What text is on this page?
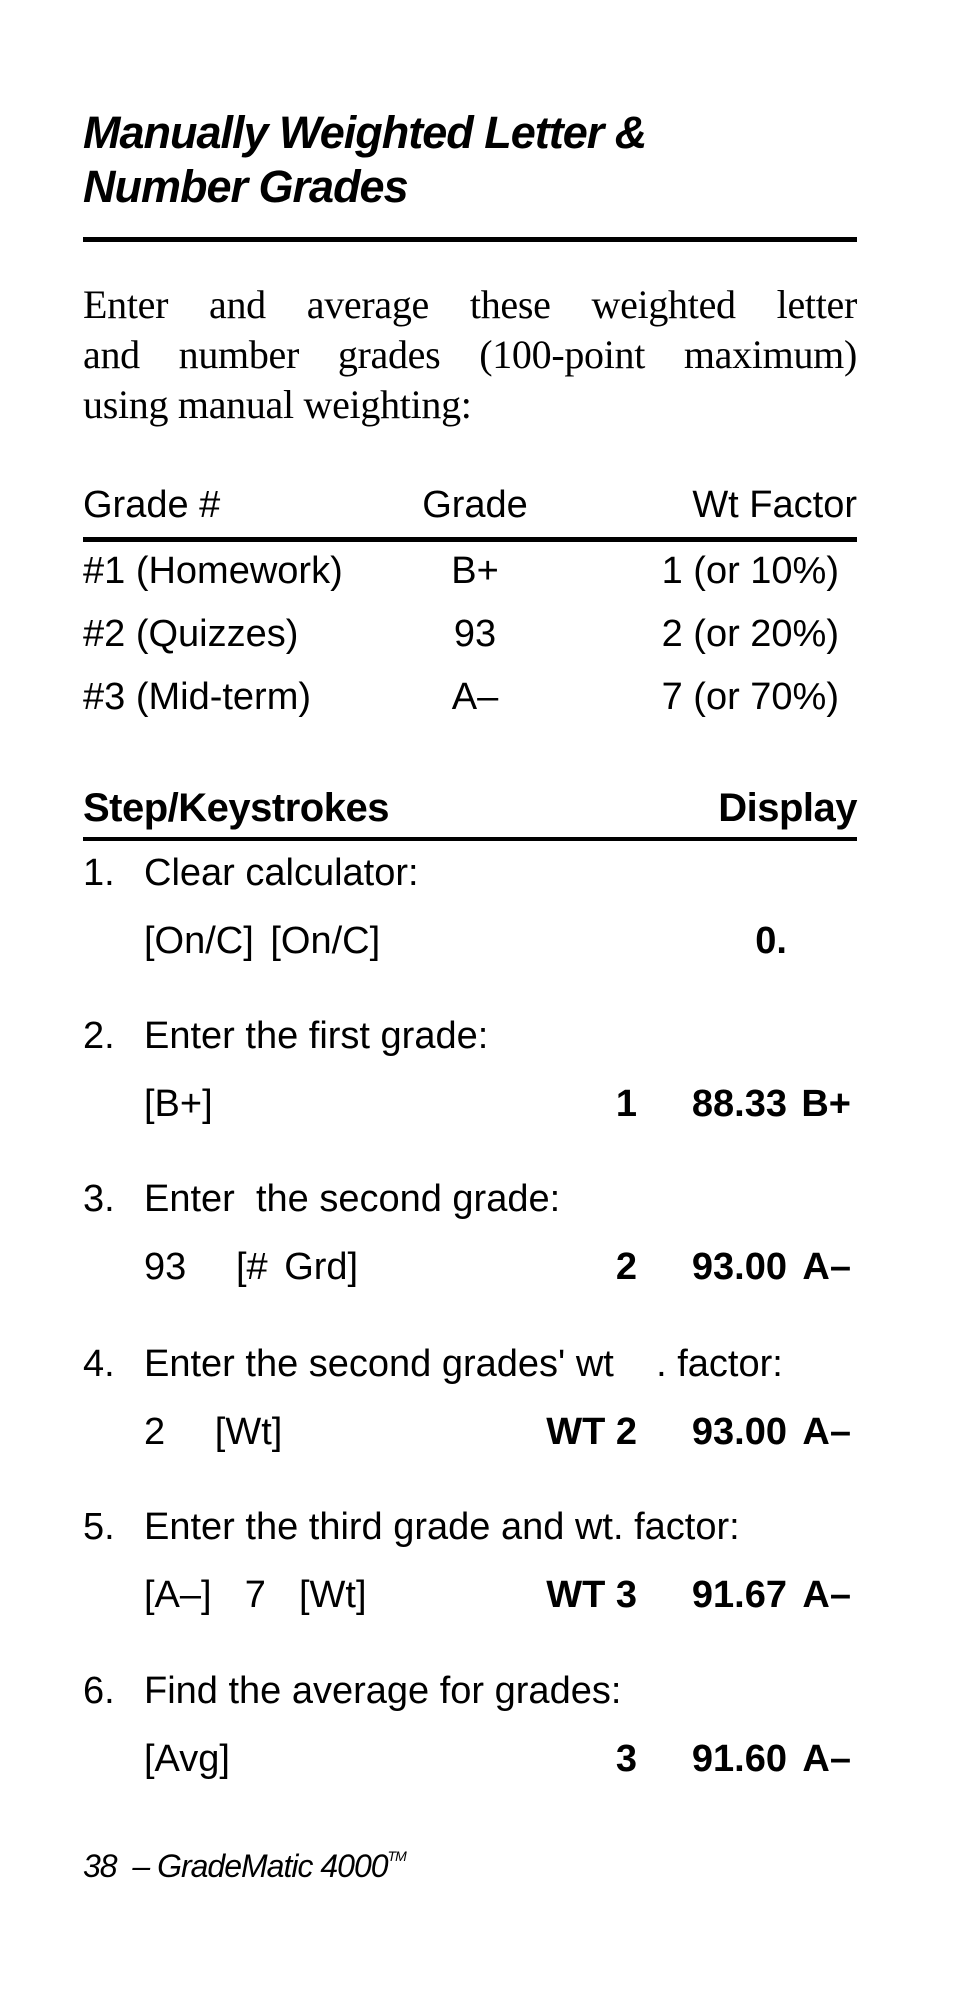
Manually Weighted Letter &
Number Grades
Enter and average these weighted letter
and number grades (100-point maximum)
using manual weighting:
Grade #	Grade	Wt Factor
#1 (Homework)	B+	1 (or 10%)
#2 (Quizzes)	93	2 (or 20%)
#3 (Mid-term)	A–	7 (or 70%)
Step/Keystrokes	Display
1. Clear calculator:
[On/C] [On/C]	0.
2. Enter the first grade:
[B+]	1	88.33 B+
3. Enter  the second grade:
93   [# Grd]	2	93.00 A–
4. Enter the second grades' wt    . factor:
2   [Wt]	WT 2	93.00 A–
5. Enter the third grade and wt. factor:
[A–]  7  [Wt]	WT 3	91.67 A–
6. Find the average for grades:
[Avg]	3	91.60 A–
38  – GradeMatic 4000™
